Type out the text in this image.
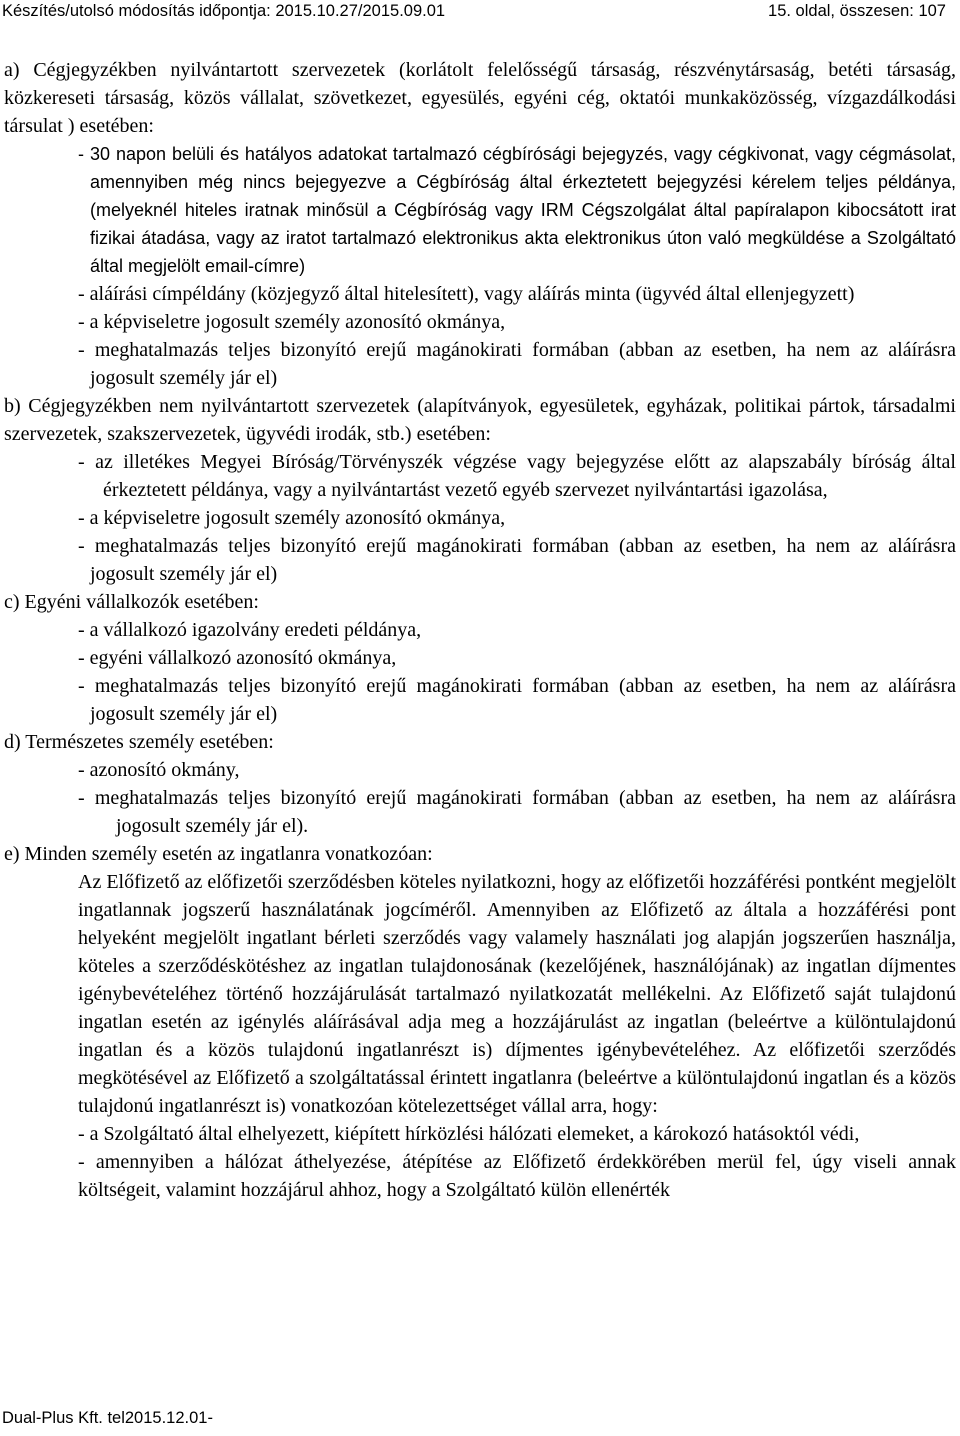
Készítés/utolsó módosítás időpontja: 2015.10.27/2015.09.01	15. oldal, összesen: 107

a) Cégjegyzékben nyilvántartott szervezetek (korlátolt felelősségű társaság, részvénytársaság, betéti társaság, közkereseti társaság, közös vállalat, szövetkezet, egyesülés, egyéni cég, oktatói munkaközösség, vízgazdálkodási társulat ) esetében:

- 30 napon belüli és hatályos adatokat tartalmazó cégbírósági bejegyzés, vagy cégkivonat, vagy cégmásolat, amennyiben még nincs bejegyezve a Cégbíróság által érkeztetett bejegyzési kérelem teljes példánya, (melyeknél hiteles iratnak minősül a Cégbíróság vagy IRM Cégszolgálat által papíralapon kibocsátott irat fizikai átadása, vagy az iratot tartalmazó elektronikus akta elektronikus úton való megküldése a Szolgáltató által megjelölt email-címre)

- aláírási címpéldány (közjegyző által hitelesített), vagy aláírás minta (ügyvéd által ellenjegyzett)

- a képviseletre jogosult személy azonosító okmánya,

- meghatalmazás teljes bizonyító erejű magánokirati formában (abban az esetben, ha nem az aláírásra jogosult személy jár el)

b) Cégjegyzékben nem nyilvántartott szervezetek (alapítványok, egyesületek, egyházak, politikai pártok, társadalmi szervezetek, szakszervezetek, ügyvédi irodák, stb.) esetében:

- az illetékes Megyei Bíróság/Törvényszék végzése vagy bejegyzése előtt az alapszabály bíróság által érkeztetett példánya, vagy a nyilvántartást vezető egyéb szervezet nyilvántartási igazolása,

- a képviseletre jogosult személy azonosító okmánya,

- meghatalmazás teljes bizonyító erejű magánokirati formában (abban az esetben, ha nem az aláírásra jogosult személy jár el)

c) Egyéni vállalkozók esetében:

- a vállalkozó igazolvány eredeti példánya,

- egyéni vállalkozó azonosító okmánya,

- meghatalmazás teljes bizonyító erejű magánokirati formában (abban az esetben, ha nem az aláírásra jogosult személy jár el)

d) Természetes személy esetében:

- azonosító okmány,

- meghatalmazás teljes bizonyító erejű magánokirati formában (abban az esetben, ha nem az aláírásra jogosult személy jár el).

e) Minden személy esetén az ingatlanra vonatkozóan:

Az Előfizető az előfizetői szerződésben köteles nyilatkozni, hogy az előfizetői hozzáférési pontként megjelölt ingatlannak jogszerű használatának jogcíméről. Amennyiben az Előfizető az általa a hozzáférési pont helyeként megjelölt ingatlant bérleti szerződés vagy valamely használati jog alapján jogszerűen használja, köteles a szerződéskötéshez az ingatlan tulajdonosának (kezelőjének, használójának) az ingatlan díjmentes igénybevételéhez történő hozzájárulását tartalmazó nyilatkozatát mellékelni. Az Előfizető saját tulajdonú ingatlan esetén az igénylés aláírásával adja meg a hozzájárulást az ingatlan (beleértve a különtulajdonú ingatlan és a közös tulajdonú ingatlanrészt is) díjmentes igénybevételéhez. Az előfizetői szerződés megkötésével az Előfizető a szolgáltatással érintett ingatlanra (beleértve a különtulajdonú ingatlan és a közös tulajdonú ingatlanrészt is) vonatkozóan kötelezettséget vállal arra, hogy:

- a Szolgáltató által elhelyezett, kiépített hírközlési hálózati elemeket, a károkozó hatásoktól védi,

- amennyiben a hálózat áthelyezése, átépítése az Előfizető érdekkörében merül fel, úgy viseli annak költségeit, valamint hozzájárul ahhoz, hogy a Szolgáltató külön ellenérték

Dual-Plus Kft. tel2015.12.01-
